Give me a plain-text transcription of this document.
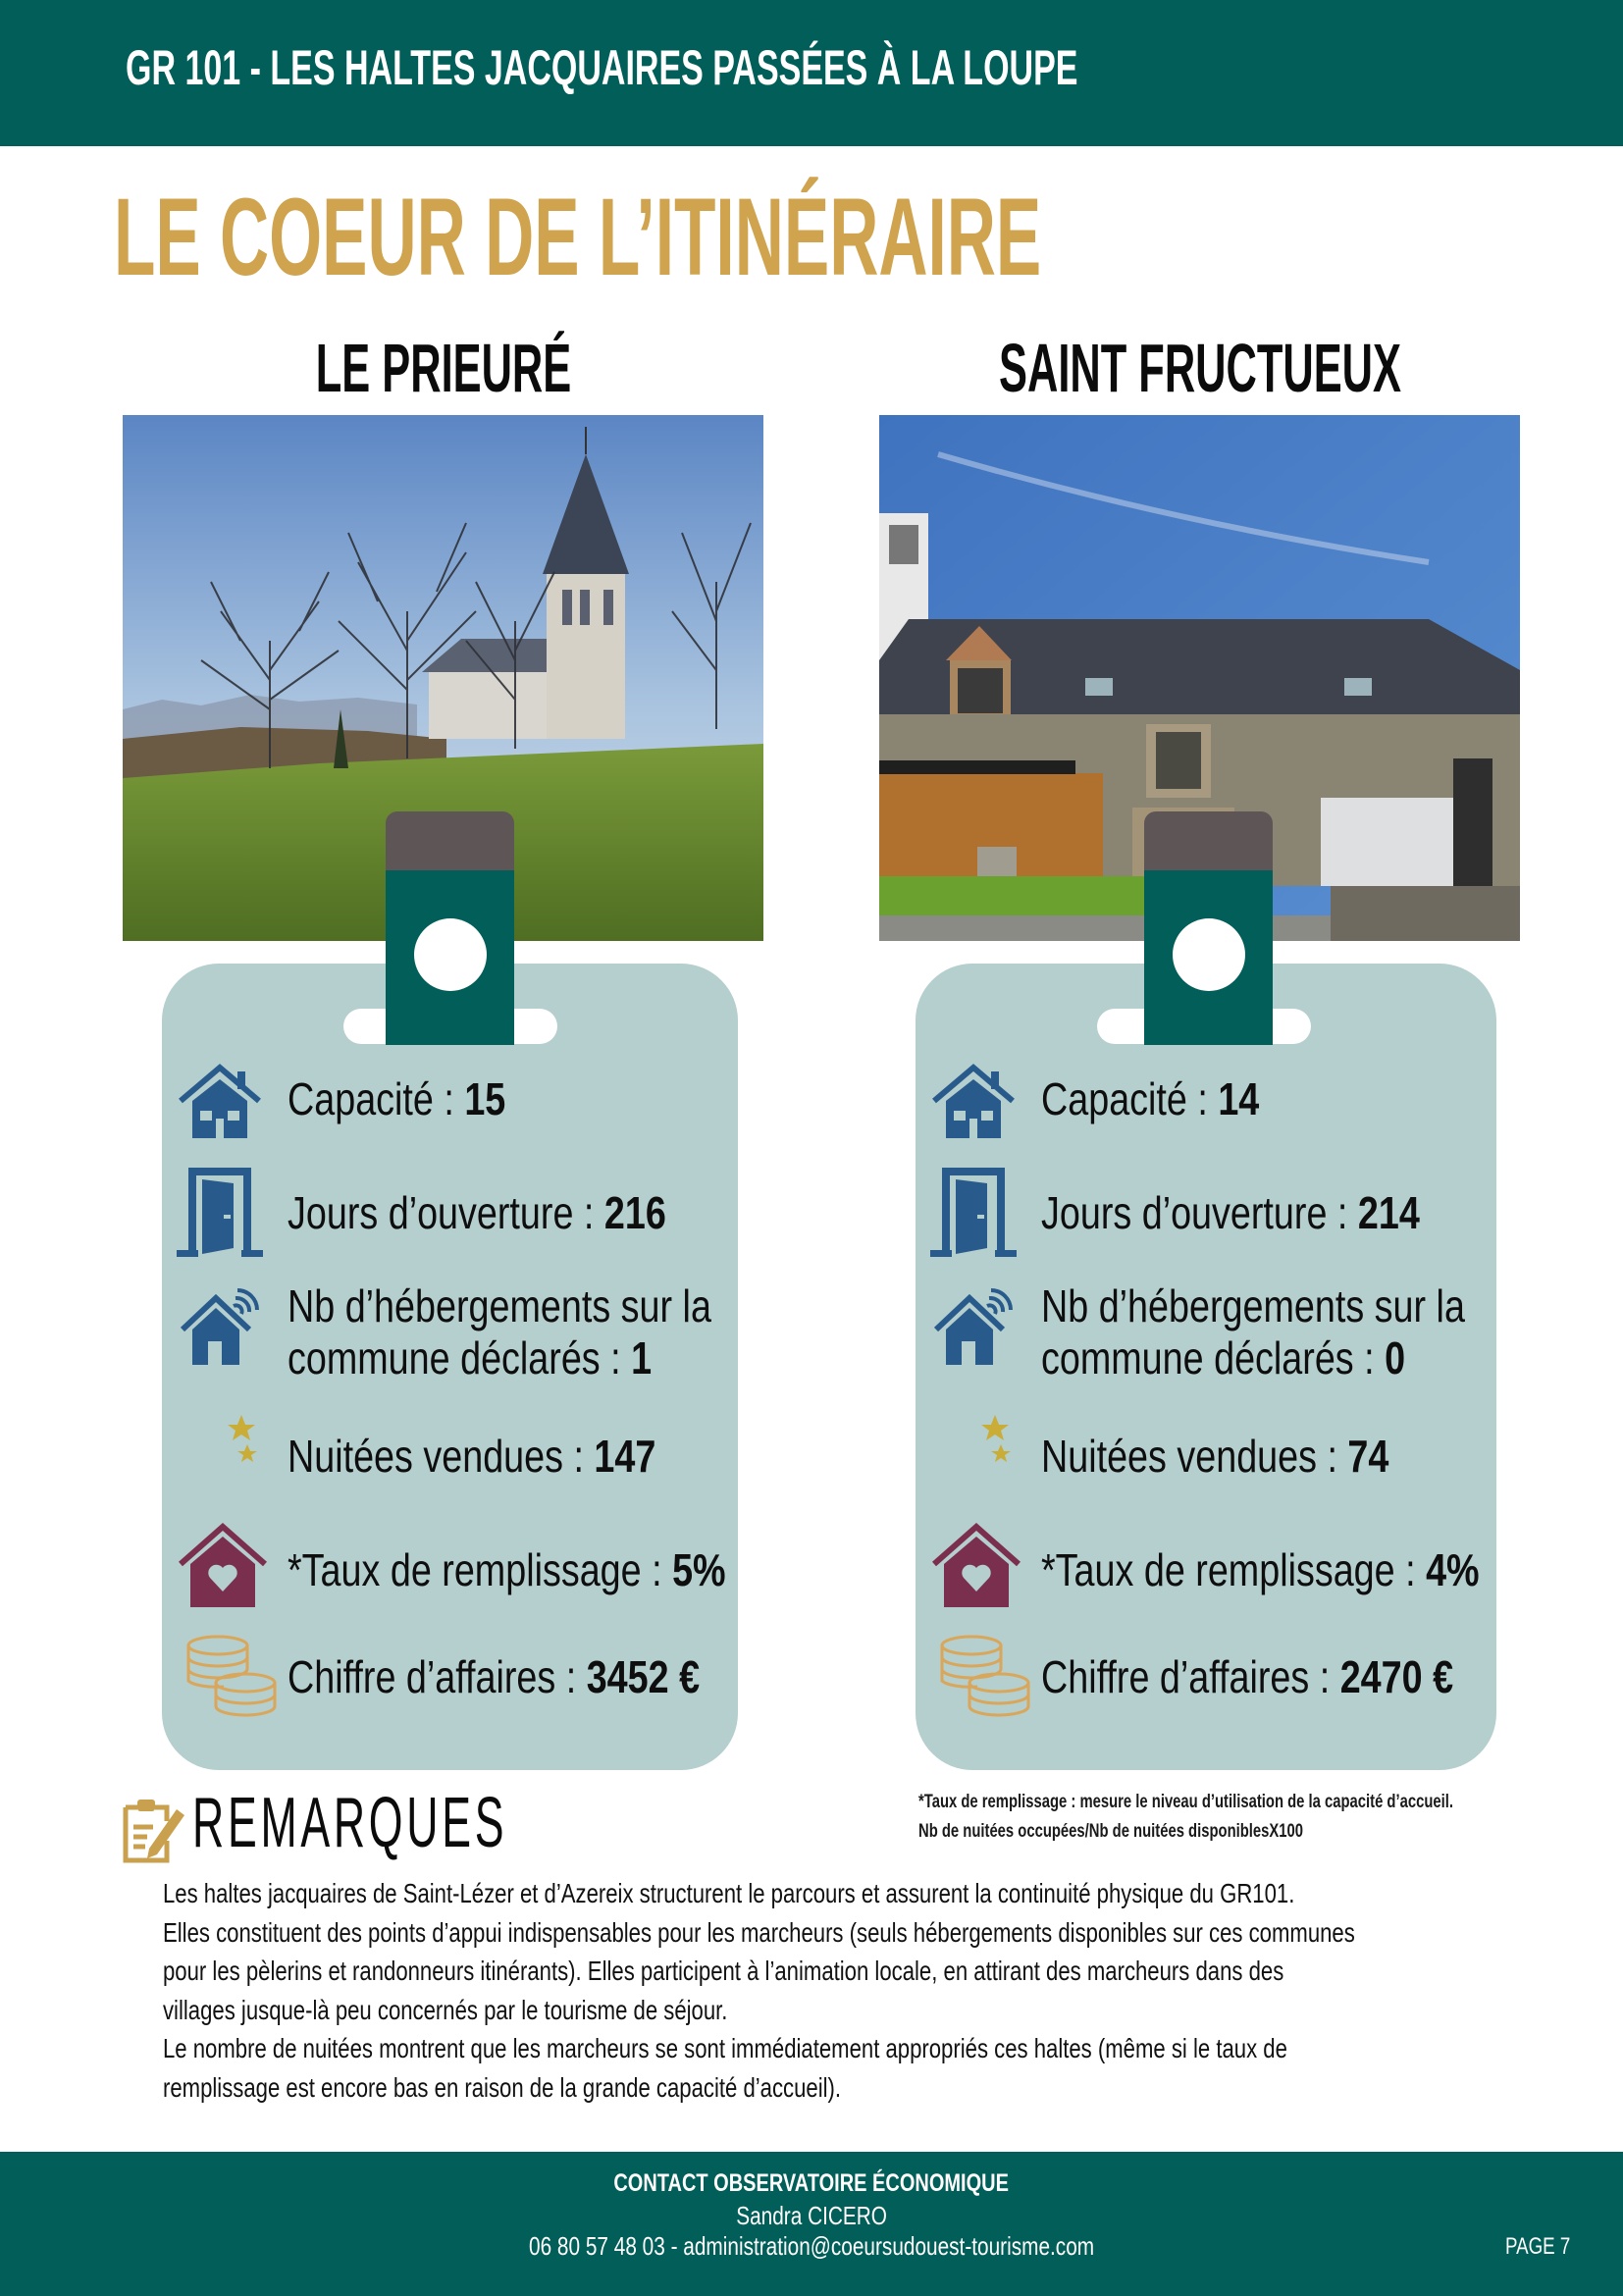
GR 101 - LES HALTES JACQUAIRES PASSÉES À LA LOUPE
LE COEUR DE L’ITINÉRAIRE
LE PRIEURÉ	SAINT FRUCTUEUX
Capacité : 15
Jours d’ouverture : 216
Nb d’hébergements sur la
commune déclarés : 1
Nuitées vendues : 147
*Taux de remplissage : 5%
Chiffre d’affaires : 3452 €
Capacité : 14
Jours d’ouverture : 214
Nb d’hébergements sur la
commune déclarés : 0
Nuitées vendues : 74
*Taux de remplissage : 4%
Chiffre d’affaires : 2470 €
*Taux de remplissage : mesure le niveau d’utilisation de la capacité d’accueil.
Nb de nuitées occupées/Nb de nuitées disponiblesX100
REMARQUES

Les haltes jacquaires de Saint-Lézer et d’Azereix structurent le parcours et assurent la continuité physique du GR101.

Elles constituent des points d’appui indispensables pour les marcheurs (seuls hébergements disponibles sur ces communes

pour les pèlerins et randonneurs itinérants). Elles participent à l’animation locale, en attirant des marcheurs dans des

villages jusque-là peu concernés par le tourisme de séjour.

Le nombre de nuitées montrent que les marcheurs se sont immédiatement appropriés ces haltes (même si le taux de

remplissage est encore bas en raison de la grande capacité d’accueil).

CONTACT OBSERVATOIRE ÉCONOMIQUE
Sandra CICERO
06 80 57 48 03 - administration@coeursudouest-tourisme.com	PAGE 7
